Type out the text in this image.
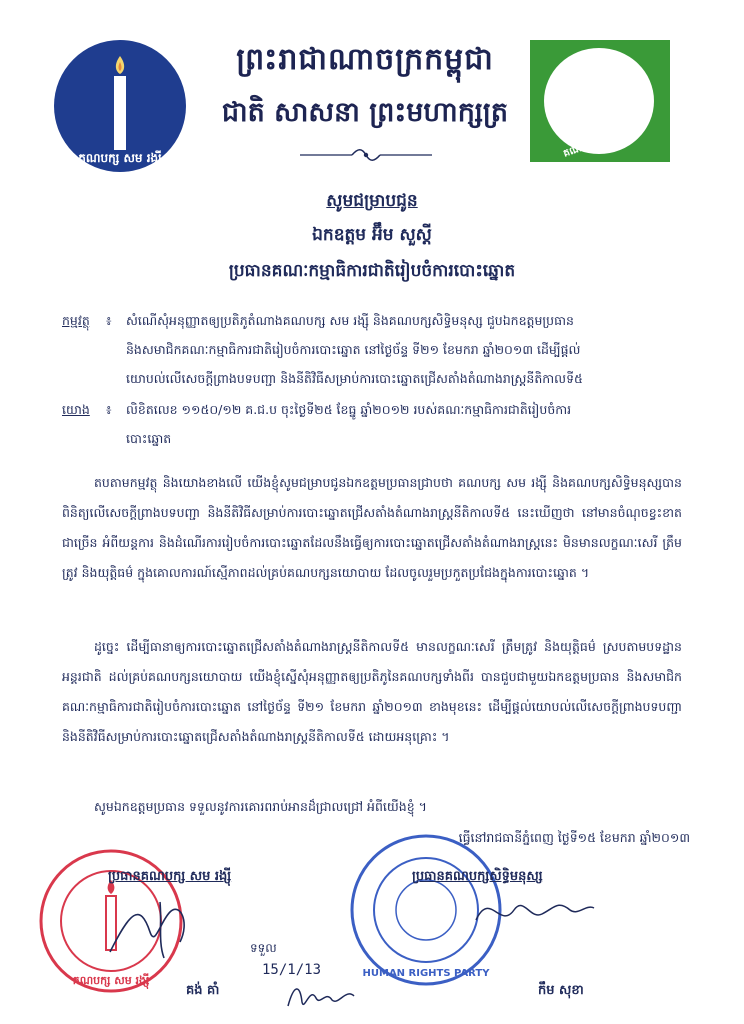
គណបក្ស សម រង្ស៊ី
ព្រះរាជាណាចក្រកម្ពុជា
ជាតិ សាសនា ព្រះមហាក្សត្រ
គណបក្សសិទ្ធិមនុស្ស
សូមជម្រាបជូន
ឯកឧត្តម អ៊ឹម សួស្ដី
ប្រធានគណៈកម្មាធិការជាតិរៀបចំការបោះឆ្នោត
កម្មវត្ថុ	៖ សំណើសុំអនុញ្ញាតឲ្យប្រតិភូតំណាងគណបក្ស សម រង្ស៊ី និងគណបក្សសិទ្ធិមនុស្ស ជួបឯកឧត្តមប្រធាន
និងសមាជិកគណៈកម្មាធិការជាតិរៀបចំការបោះឆ្នោត នៅថ្ងៃច័ន្ទ ទី២១ ខែមករា ឆ្នាំ២០១៣ ដើម្បីផ្តល់
យោបល់លើសេចក្តីព្រាងបទបញ្ជា និងនីតិវិធីសម្រាប់ការបោះឆ្នោតជ្រើសតាំងតំណាងរាស្ត្រនីតិកាលទី៥
យោង	៖ លិខិតលេខ ១១៥០/១២ គ.ជ.ប ចុះថ្ងៃទី២៥ ខែធ្នូ ឆ្នាំ២០១២ របស់គណៈកម្មាធិការជាតិរៀបចំការ
បោះឆ្នោត
តបតាមកម្មវត្ថុ និងយោងខាងលើ យើងខ្ញុំសូមជម្រាបជូនឯកឧត្តមប្រធានជ្រាបថា គណបក្ស សម រង្ស៊ី និងគណបក្សសិទ្ធិមនុស្សបានពិនិត្យលើសេចក្តីព្រាងបទបញ្ជា និងនីតិវិធីសម្រាប់ការបោះឆ្នោតជ្រើសតាំងតំណាងរាស្ត្រនីតិកាលទី៥ នេះឃើញថា នៅមានចំណុចខ្វះខាតជាច្រើន អំពីយន្តការ និងដំណើរការរៀបចំការបោះឆ្នោតដែលនឹងធ្វើឲ្យការបោះឆ្នោតជ្រើសតាំងតំណាងរាស្ត្រនេះ មិនមានលក្ខណៈសេរី ត្រឹមត្រូវ និងយុត្តិធម៌ ក្នុងគោលការណ៍ស្មើភាពដល់គ្រប់គណបក្សនយោបាយ ដែលចូលរួមប្រកួតប្រជែងក្នុងការបោះឆ្នោត ។
ដូច្នេះ ដើម្បីធានាឲ្យការបោះឆ្នោតជ្រើសតាំងតំណាងរាស្ត្រនីតិកាលទី៥ មានលក្ខណៈសេរី ត្រឹមត្រូវ និងយុត្តិធម៌ ស្របតាមបទដ្ឋានអន្តរជាតិ ដល់គ្រប់គណបក្សនយោបាយ យើងខ្ញុំស្នើសុំអនុញ្ញាតឲ្យប្រតិភូនៃគណបក្សទាំងពីរ បានជួបជាមួយឯកឧត្តមប្រធាន និងសមាជិកគណៈកម្មាធិការជាតិរៀបចំការបោះឆ្នោត នៅថ្ងៃច័ន្ទ ទី២១ ខែមករា ឆ្នាំ២០១៣ ខាងមុខនេះ ដើម្បីផ្តល់យោបល់លើសេចក្តីព្រាងបទបញ្ជា និងនីតិវិធីសម្រាប់ការបោះឆ្នោតជ្រើសតាំងតំណាងរាស្ត្រនីតិកាលទី៥ ដោយអនុគ្រោះ ។
សូមឯកឧត្តមប្រធាន ទទួលនូវការគោរពរាប់អានដ៏ជ្រាលជ្រៅ អំពីយើងខ្ញុំ ។
ធ្វើនៅរាជធានីភ្នំពេញ ថ្ងៃទី១៥ ខែមករា ឆ្នាំ២០១៣
គណបក្ស សម រង្ស៊ី
ប្រធានគណបក្ស សម រង្ស៊ី
គង់ គាំ
ទទួល
15/1/13	HUMAN RIGHTS PARTY
ប្រធានគណបក្សសិទ្ធិមនុស្ស
កឹម សុខា
